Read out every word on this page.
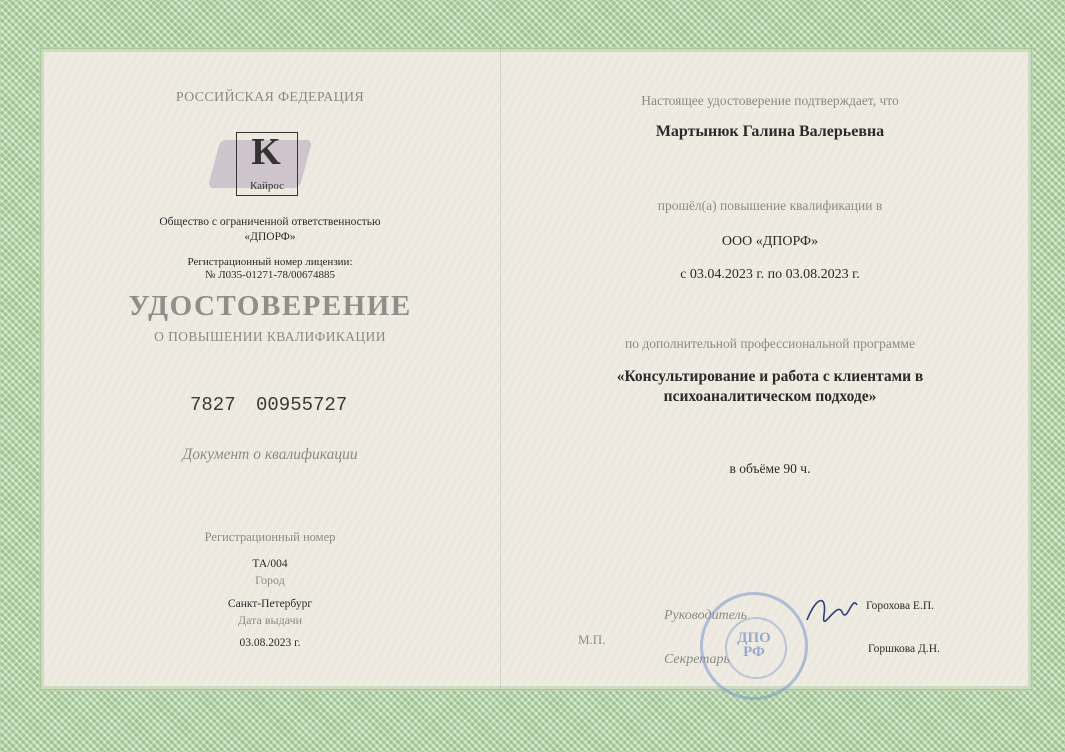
РОССИЙСКАЯ ФЕДЕРАЦИЯ
K
Кайрос
Общество с ограниченной ответственностью
«ДПОРФ»
Регистрационный номер лицензии:
№ Л035-01271-78/00674885
УДОСТОВЕРЕНИЕ
О ПОВЫШЕНИИ КВАЛИФИКАЦИИ
7827 00955727
Документ о квалификации
Регистрационный номер
ТА/004
Город
Санкт-Петербург
Дата выдачи
03.08.2023 г.
Настоящее удостоверение подтверждает, что
Мартынюк Галина Валерьевна
прошёл(а) повышение квалификации в
ООО «ДПОРФ»
с 03.04.2023 г. по 03.08.2023 г.
по дополнительной профессиональной программе
«Консультирование и работа с клиентами в
психоаналитическом подходе»
в объёме 90 ч.
М.П.
Руководитель
Горохова Е.П.
Секретарь
Горшкова Д.Н.
ДПО РФ
